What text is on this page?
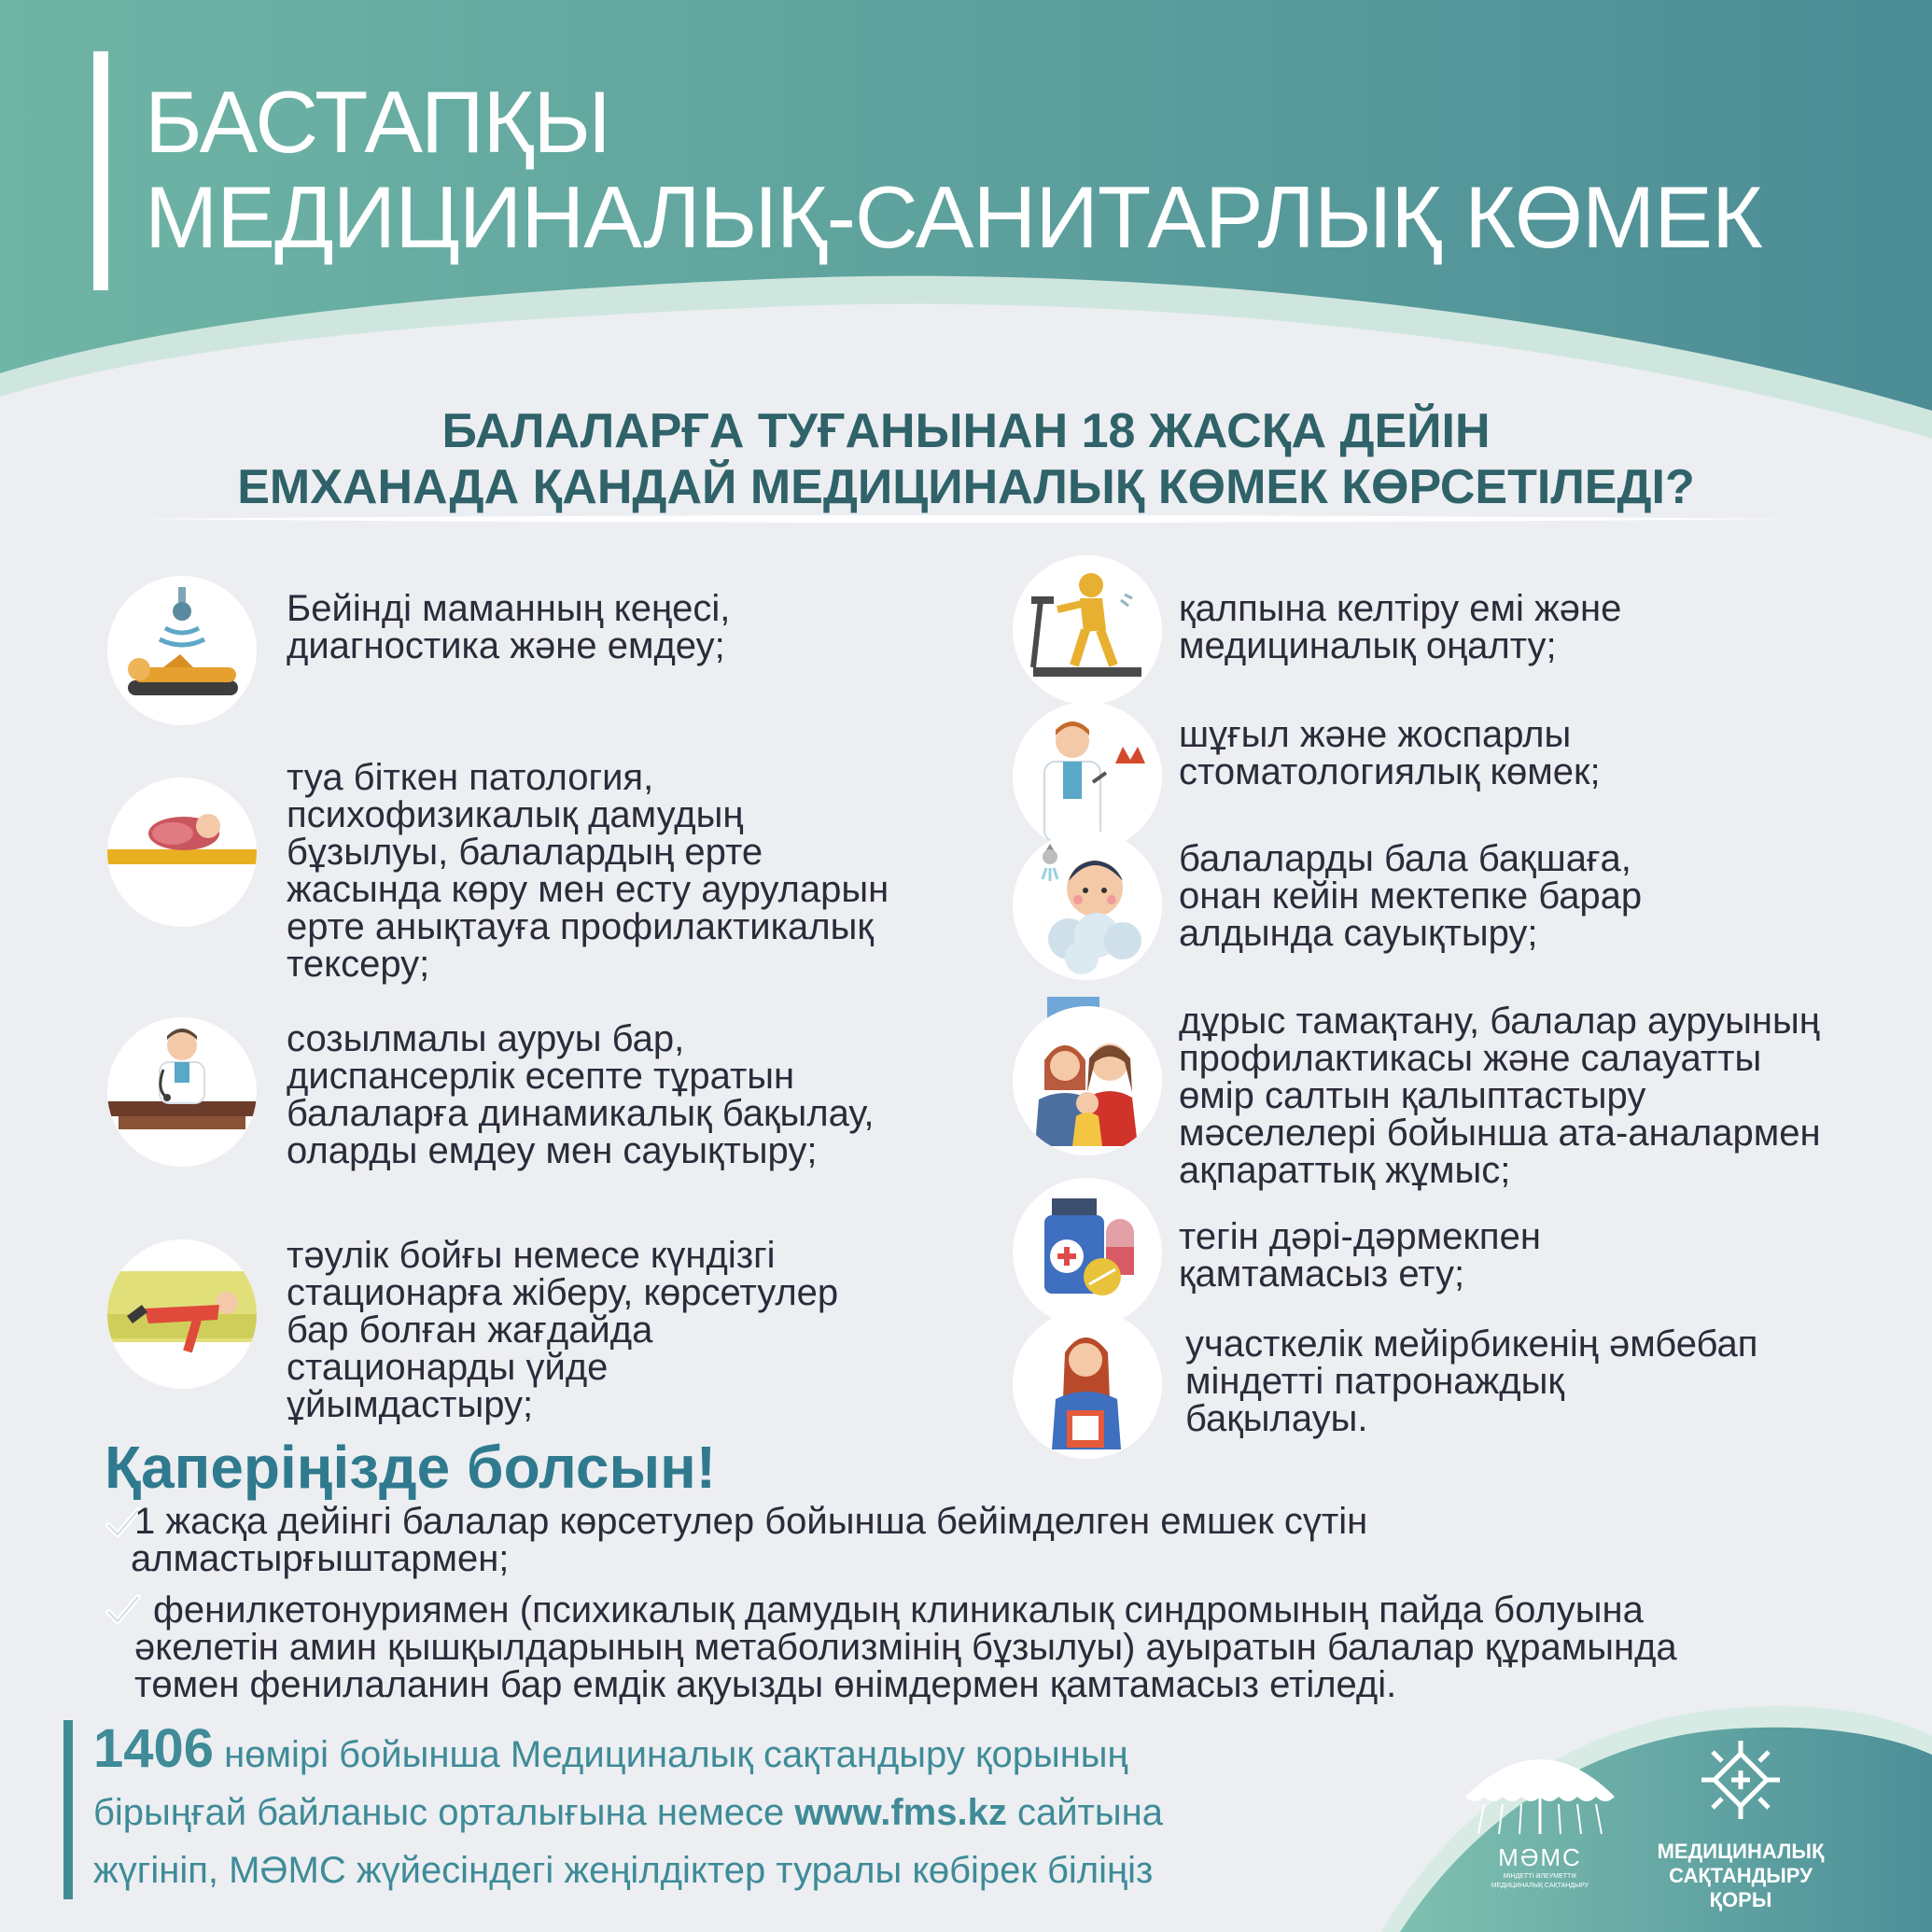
БАСТАПҚЫ
МЕДИЦИНАЛЫҚ-САНИТАРЛЫҚ КӨМЕК
БАЛАЛАРҒА ТУҒАНЫНАН 18 ЖАСҚА ДЕЙІН
ЕМХАНАДА ҚАНДАЙ МЕДИЦИНАЛЫҚ КӨМЕК КӨРСЕТІЛЕДІ?
Бейінді маманның кеңесі,
диагностика және емдеу;
туа біткен патология,
психофизикалық дамудың
бұзылуы, балалардың ерте
жасында көру мен есту ауруларын
ерте анықтауға профилактикалық
тексеру;
созылмалы ауруы бар,
диспансерлік есепте тұратын
балаларға динамикалық бақылау,
оларды емдеу мен сауықтыру;
тәулік бойғы немесе күндізгі
стационарға жіберу, көрсетулер
бар болған жағдайда
стационарды үйде
ұйымдастыру;
қалпына келтіру емі және
медициналық оңалту;
шұғыл және жоспарлы
стоматологиялық көмек;
балаларды бала бақшаға,
онан кейін мектепке барар
алдында сауықтыру;
дұрыс тамақтану, балалар ауруының
профилактикасы және салауатты
өмір салтын қалыптастыру
мәселелері бойынша ата-аналармен
ақпараттық жұмыс;
тегін дәрі-дәрмекпен
қамтамасыз ету;
участкелік мейірбикенің әмбебап
міндетті патронаждық
бақылауы.
Қаперіңізде болсын!
1 жасқа дейінгі балалар көрсетулер бойынша бейімделген емшек сүтін
алмастырғыштармен;
фенилкетонуриямен (психикалық дамудың клиникалық синдромының пайда болуына
әкелетін амин қышқылдарының метаболизмінің бұзылуы) ауыратын балалар құрамында
төмен фенилаланин бар емдік ақуызды өнімдермен қамтамасыз етіледі.
1406 нөмірі бойынша Медициналық сақтандыру қорының
бірыңғай байланыс орталығына немесе www.fms.kz сайтына
жүгініп, МӘМС жүйесіндегі жеңілдіктер туралы көбірек біліңіз	МӘМС
МІНДЕТТІ ӘЛЕУМЕТТІК
МЕДИЦИНАЛЫҚ САҚТАНДЫРУ
МЕДИЦИНАЛЫҚ
САҚТАНДЫРУ
ҚОРЫ
